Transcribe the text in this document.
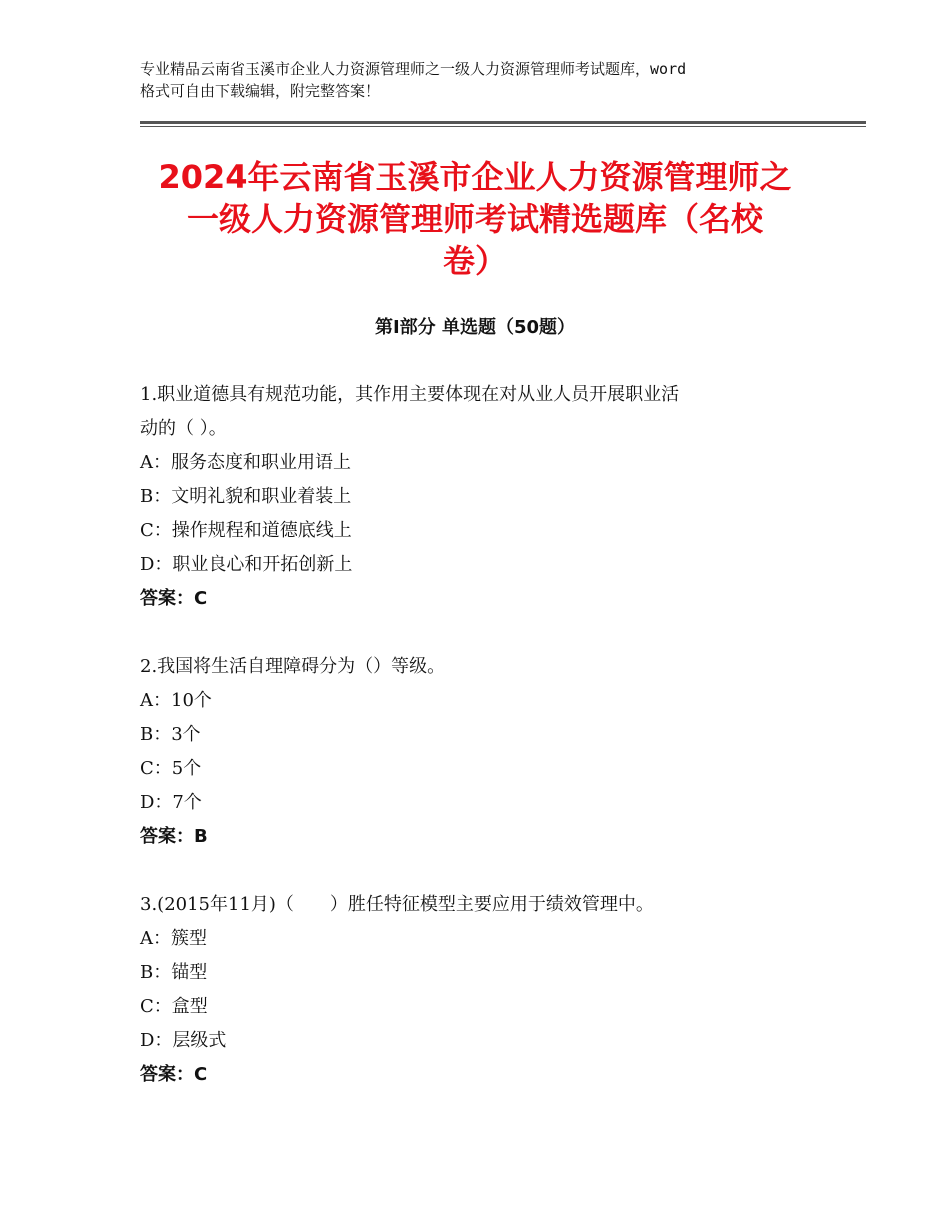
专业精品云南省玉溪市企业人力资源管理师之一级人力资源管理师考试题库，word
格式可自由下载编辑，附完整答案！
2024年云南省玉溪市企业人力资源管理师之
一级人力资源管理师考试精选题库（名校
卷）
第Ⅰ部分 单选题（50题）
1.职业道德具有规范功能，其作用主要体现在对从业人员开展职业活
动的（ ）。
A：服务态度和职业用语上
B：文明礼貌和职业着装上
C：操作规程和道德底线上
D：职业良心和开拓创新上
答案：C
2.我国将生活自理障碍分为（）等级。
A：10个
B：3个
C：5个
D：7个
答案：B
3.(2015年11月)（　　）胜任特征模型主要应用于绩效管理中。
A：簇型
B：锚型
C：盒型
D：层级式
答案：C
